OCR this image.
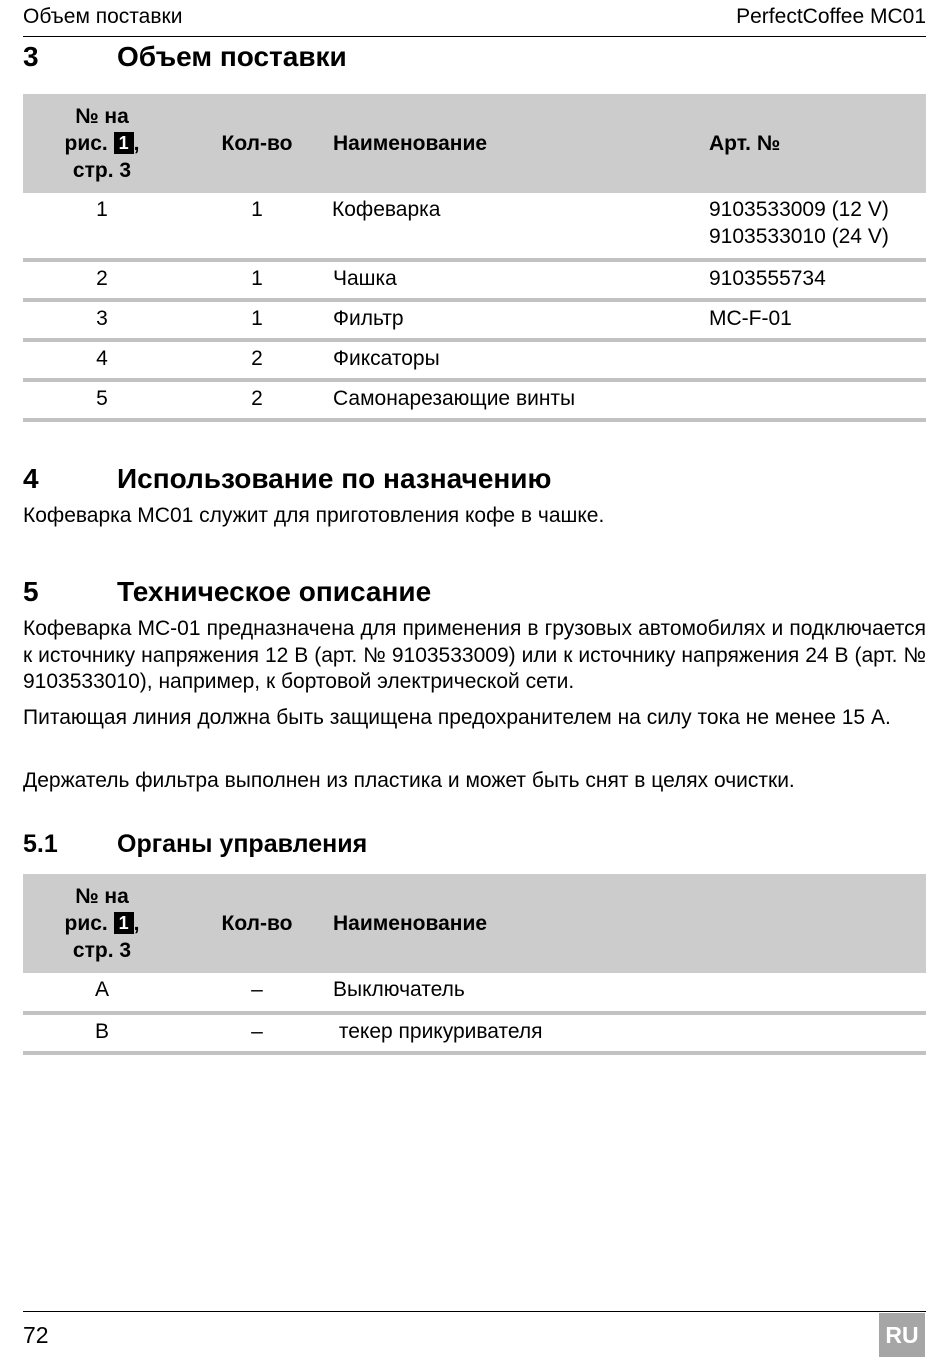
Объем поставки	PerfectCoffee MC01
3	Объем поставки
№ на
рис. 1 ,
стр. 3	Кол-во	Наименование	Арт. №
1	1	Кофеварка	9103533009 (12 V)
9103533010 (24 V)

2	1	Чашка	9103555734
3	1	Фильтр	MC-F-01
4	2	Фиксаторы	
5	2	Самонарезающие винты	
4	Использование по назначению

Кофеварка MC01 служит для приготовления кофе в чашке.

5	Техническое описание

Кофеварка MC-01 предназначена для применения в грузовых автомобилях и подключается к источнику напряжения 12 В (арт. № 9103533009) или к источнику напряжения 24 В (арт. № 9103533010), например, к бортовой электрической сети.

Питающая линия должна быть защищена предохранителем на силу тока не менее 15 А.

Держатель фильтра выполнен из пластика и может быть снят в целях очистки.

5.1	Органы управления
№ на
рис. 1 ,
стр. 3	Кол-во	Наименование
A	–	Выключатель
B	–	текер прикуривателя
72	RU
